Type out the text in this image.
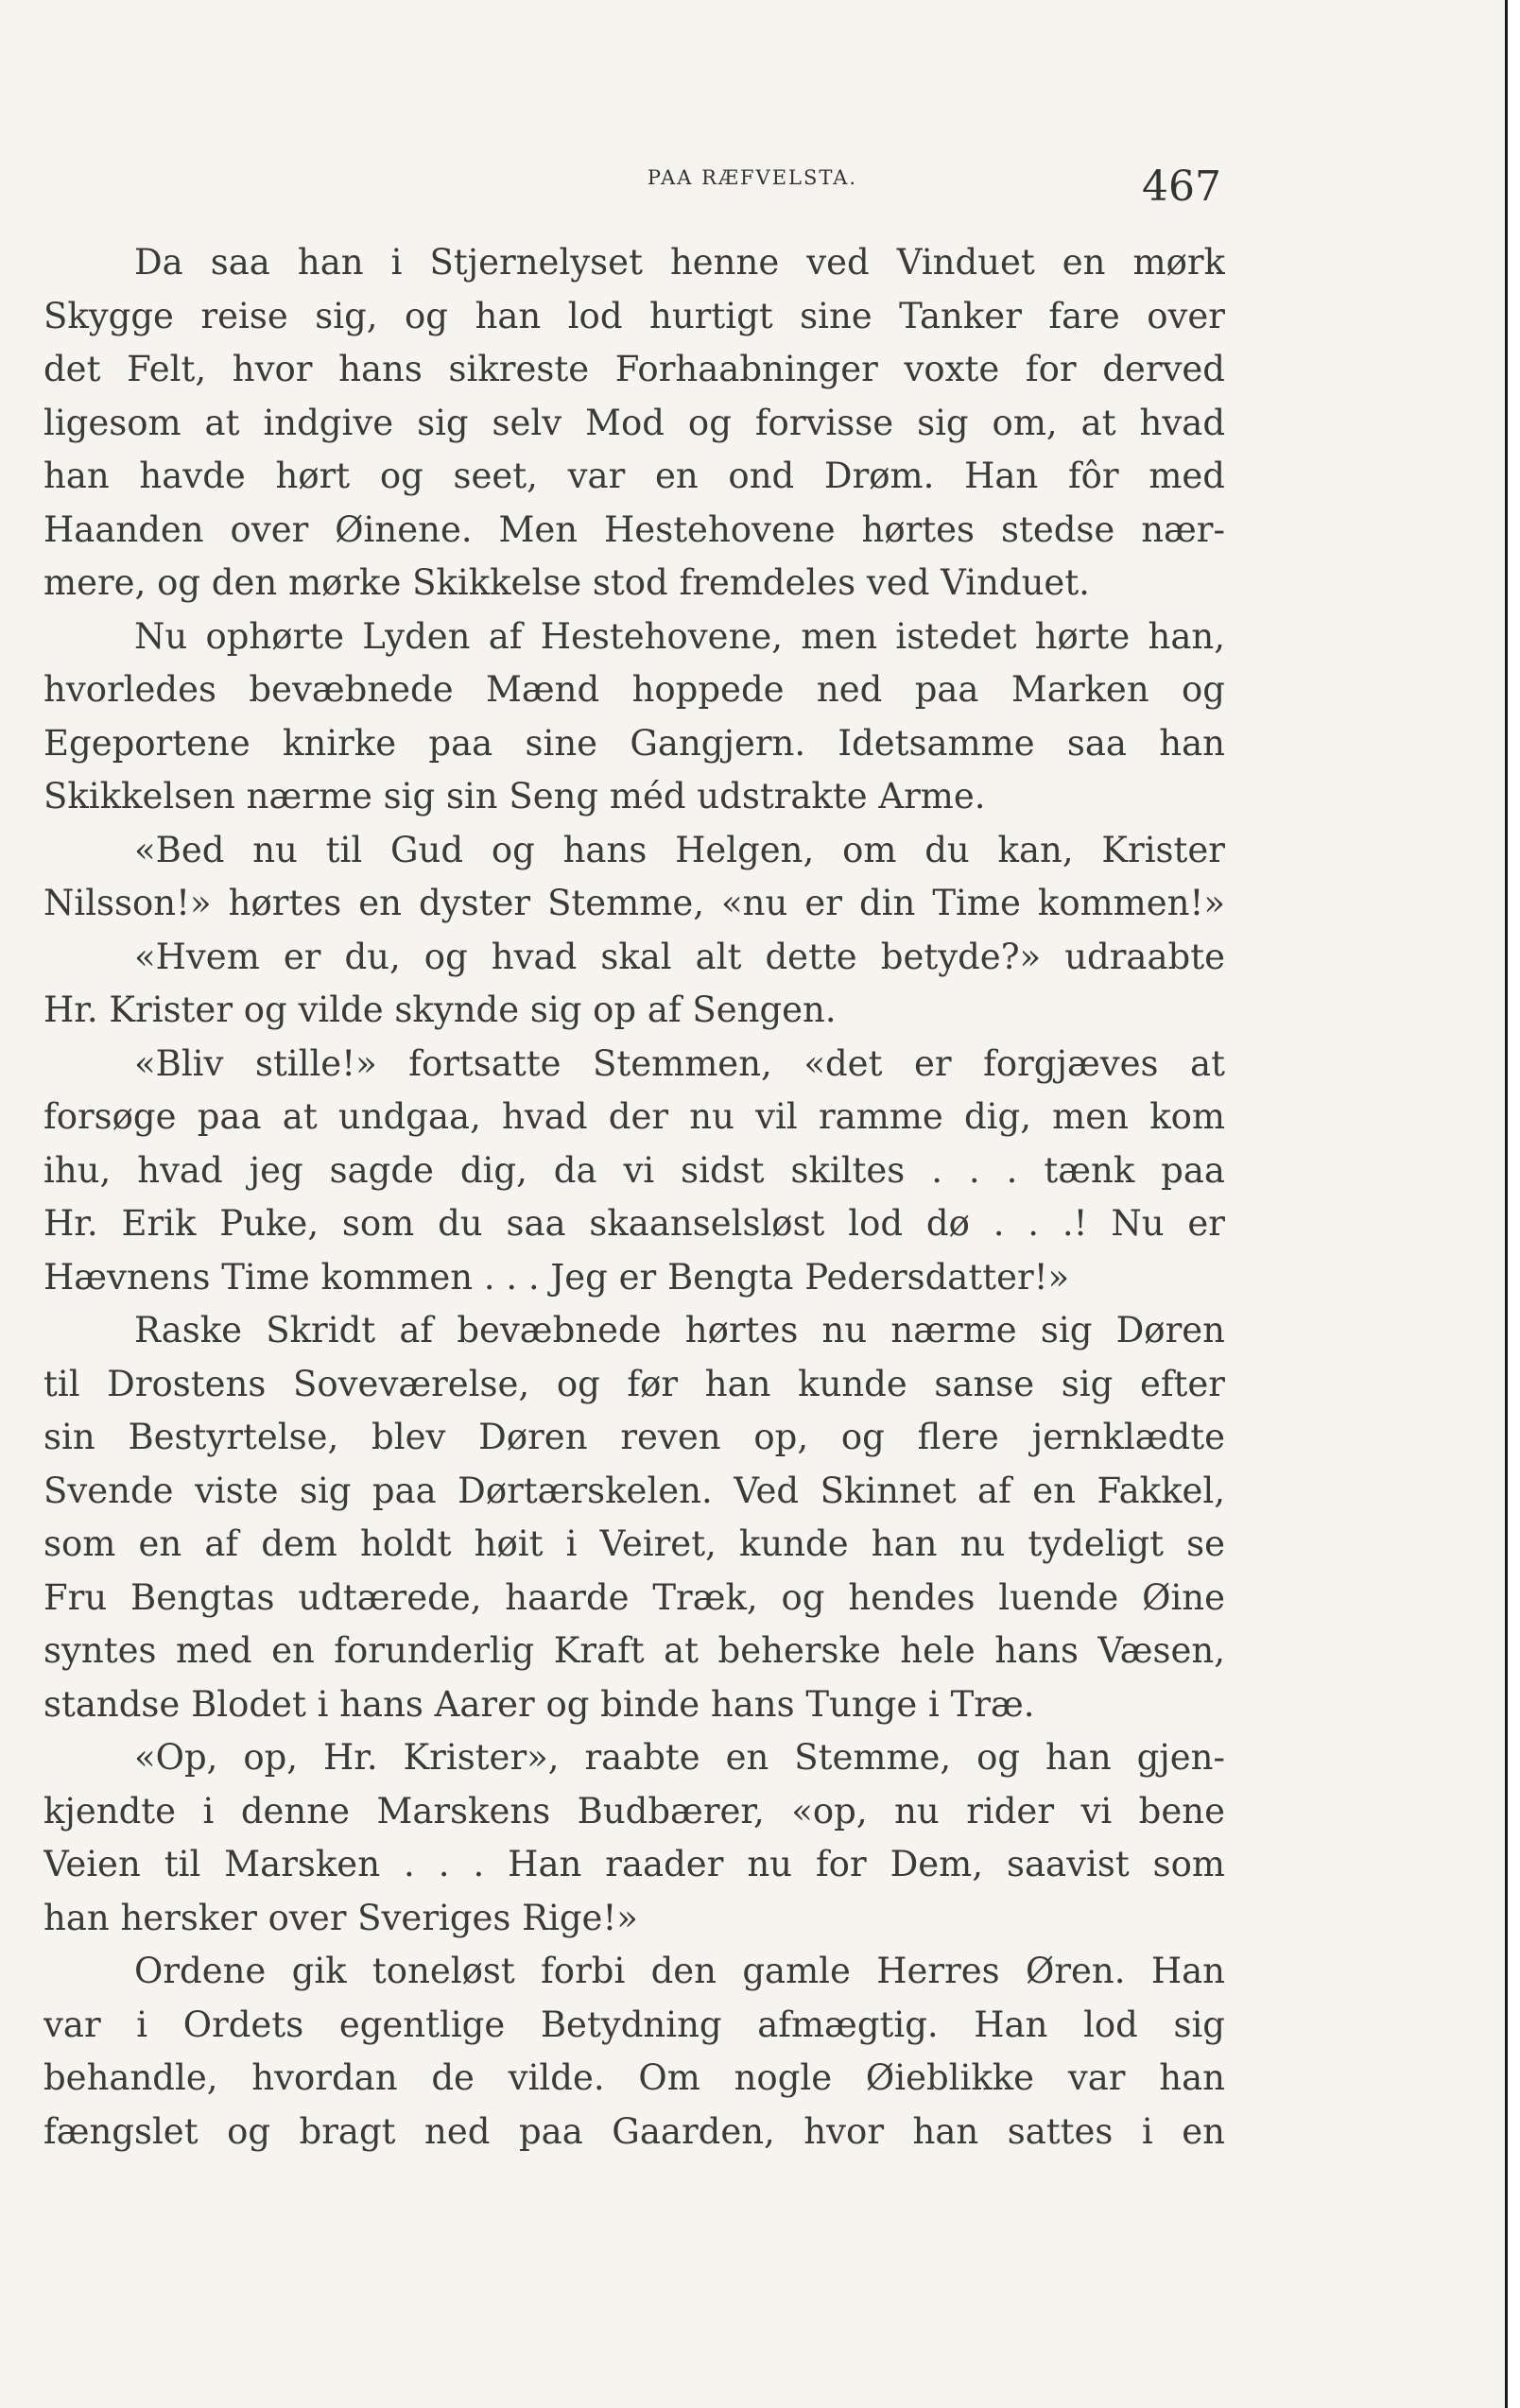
PAA RÆFVELSTA.	467
Da saa han i Stjernelyset henne ved Vinduet en mørk
Skygge reise sig, og han lod hurtigt sine Tanker fare over
det Felt, hvor hans sikreste Forhaabninger voxte for derved
ligesom at indgive sig selv Mod og forvisse sig om, at hvad
han havde hørt og seet, var en ond Drøm. Han fôr med
Haanden over Øinene. Men Hestehovene hørtes stedse nær-
mere, og den mørke Skikkelse stod fremdeles ved Vinduet.
Nu ophørte Lyden af Hestehovene, men istedet hørte han,
hvorledes bevæbnede Mænd hoppede ned paa Marken og
Egeportene knirke paa sine Gangjern. Idetsamme saa han
Skikkelsen nærme sig sin Seng méd udstrakte Arme.
«Bed nu til Gud og hans Helgen, om du kan, Krister
Nilsson!» hørtes en dyster Stemme, «nu er din Time kommen!»
«Hvem er du, og hvad skal alt dette betyde?» udraabte
Hr. Krister og vilde skynde sig op af Sengen.
«Bliv stille!» fortsatte Stemmen, «det er forgjæves at
forsøge paa at undgaa, hvad der nu vil ramme dig, men kom
ihu, hvad jeg sagde dig, da vi sidst skiltes . . . tænk paa
Hr. Erik Puke, som du saa skaanselsløst lod dø . . .! Nu er
Hævnens Time kommen . . . Jeg er Bengta Pedersdatter!»
Raske Skridt af bevæbnede hørtes nu nærme sig Døren
til Drostens Soveværelse, og før han kunde sanse sig efter
sin Bestyrtelse, blev Døren reven op, og flere jernklædte
Svende viste sig paa Dørtærskelen. Ved Skinnet af en Fakkel,
som en af dem holdt høit i Veiret, kunde han nu tydeligt se
Fru Bengtas udtærede, haarde Træk, og hendes luende Øine
syntes med en forunderlig Kraft at beherske hele hans Væsen,
standse Blodet i hans Aarer og binde hans Tunge i Træ.
«Op, op, Hr. Krister», raabte en Stemme, og han gjen-
kjendte i denne Marskens Budbærer, «op, nu rider vi bene
Veien til Marsken . . . Han raader nu for Dem, saavist som
han hersker over Sveriges Rige!»
Ordene gik toneløst forbi den gamle Herres Øren. Han
var i Ordets egentlige Betydning afmægtig. Han lod sig
behandle, hvordan de vilde. Om nogle Øieblikke var han
fængslet og bragt ned paa Gaarden, hvor han sattes i en
